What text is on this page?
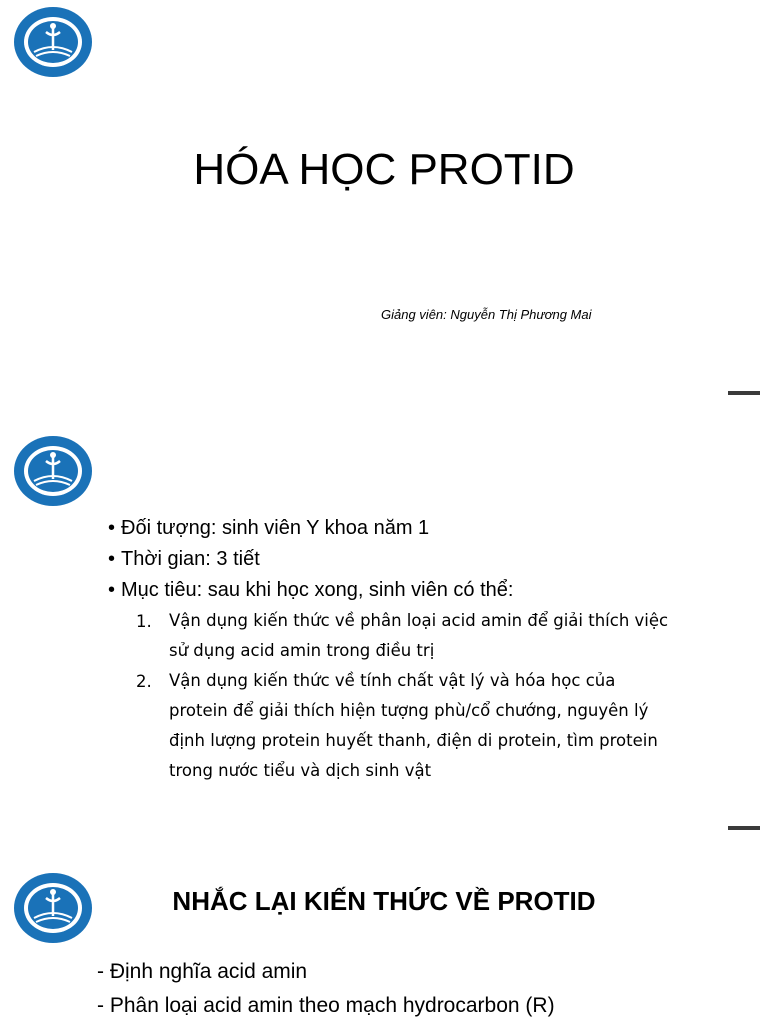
HÓA HỌC PROTID
Giảng viên: Nguyễn Thị Phương Mai
• Đối tượng: sinh viên Y khoa năm 1
• Thời gian: 3 tiết
• Mục tiêu: sau khi học xong, sinh viên có thể:
1. Vận dụng kiến thức về phân loại acid amin để giải thích việc sử dụng acid amin trong điều trị
2. Vận dụng kiến thức về tính chất vật lý và hóa học của protein để giải thích hiện tượng phù/cổ chướng, nguyên lý định lượng protein huyết thanh, điện di protein, tìm protein trong nước tiểu và dịch sinh vật
NHẮC LẠI KIẾN THỨC VỀ PROTID
- Định nghĩa acid amin
- Phân loại acid amin theo mạch hydrocarbon (R)
